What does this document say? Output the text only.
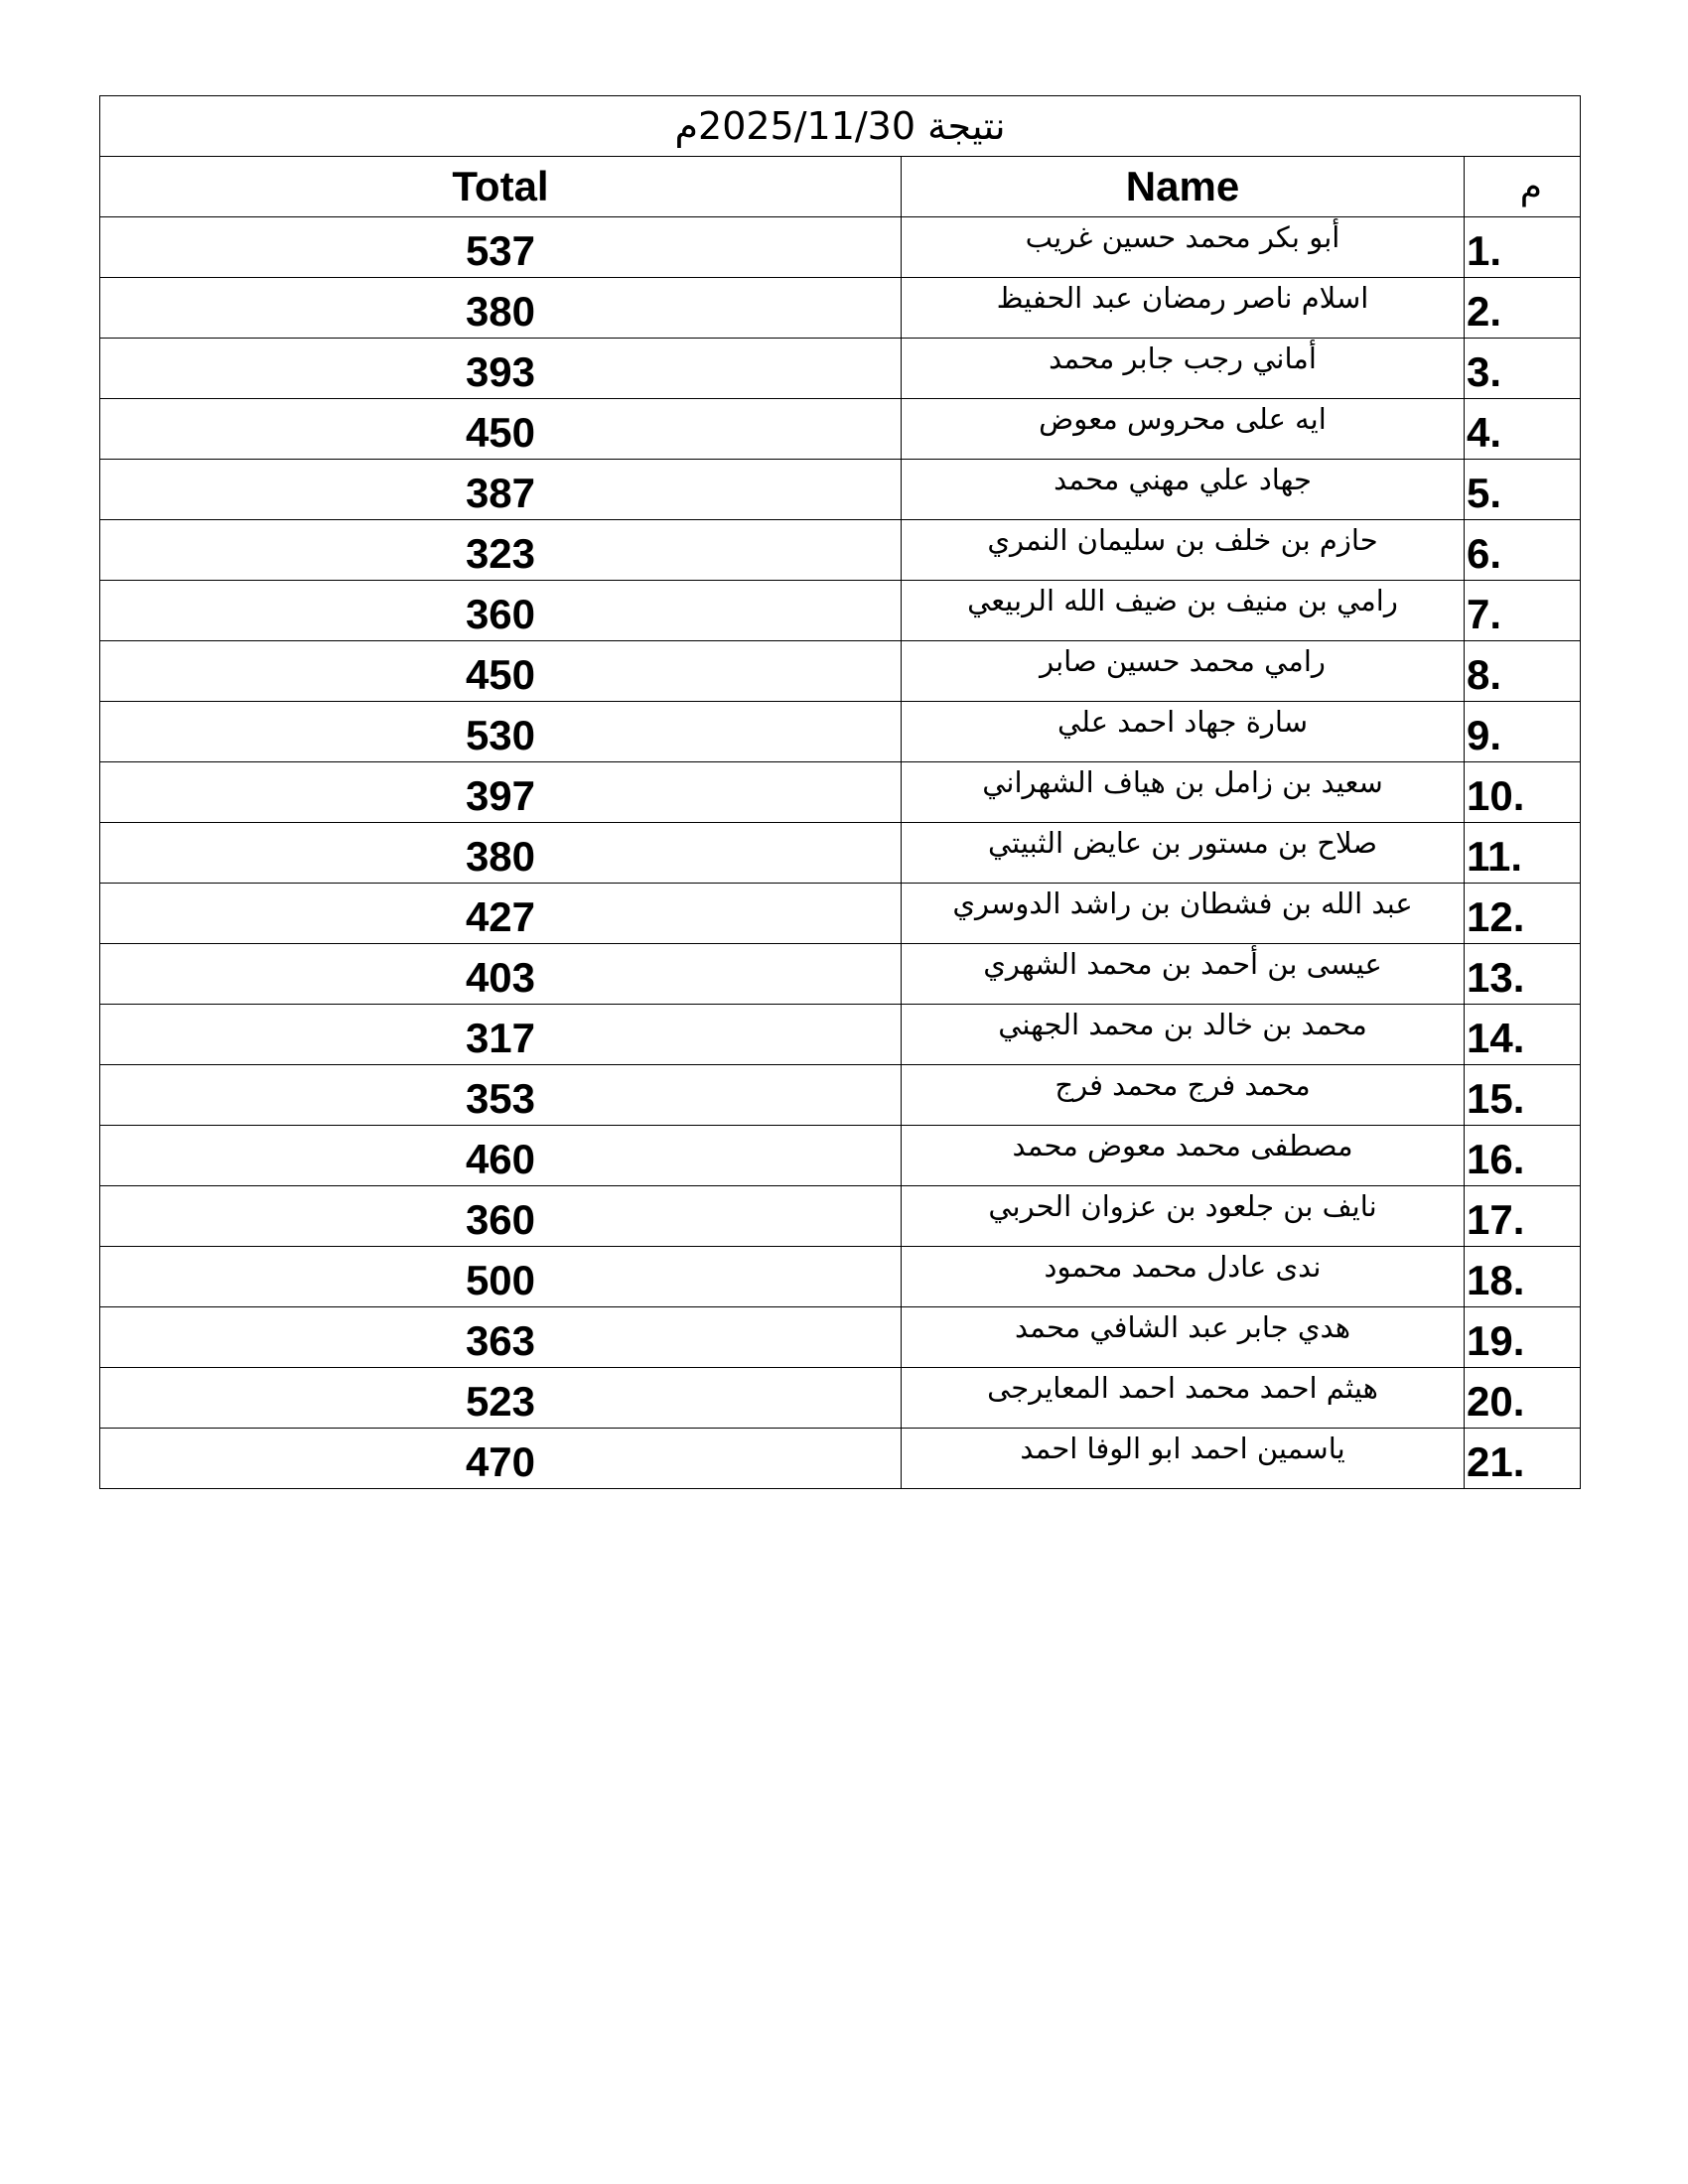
نتيجة 2025/11/30م		
Total	Name	م
537	أبو بكر محمد حسين غريب	1.
380	اسلام ناصر رمضان عبد الحفيظ	2.
393	أماني رجب جابر محمد	3.
450	ايه على محروس معوض	4.
387	جهاد علي مهني محمد	5.
323	حازم بن خلف بن سليمان النمري	6.
360	رامي بن منيف بن ضيف الله الربيعي	7.
450	رامي محمد حسين صابر	8.
530	سارة جهاد احمد علي	9.
397	سعيد بن زامل بن هياف الشهراني	10.
380	صلاح بن مستور بن عايض الثبيتي	11.
427	عبد الله بن فشطان بن راشد الدوسري	12.
403	عيسى بن أحمد بن محمد الشهري	13.
317	محمد بن خالد بن محمد الجهني	14.
353	محمد فرج محمد فرج	15.
460	مصطفى محمد معوض محمد	16.
360	نايف بن جلعود بن عزوان الحربي	17.
500	ندى عادل محمد محمود	18.
363	هدي جابر عبد الشافي محمد	19.
523	هيثم احمد محمد احمد المعايرجى	20.
470	ياسمين احمد ابو الوفا احمد	21.
